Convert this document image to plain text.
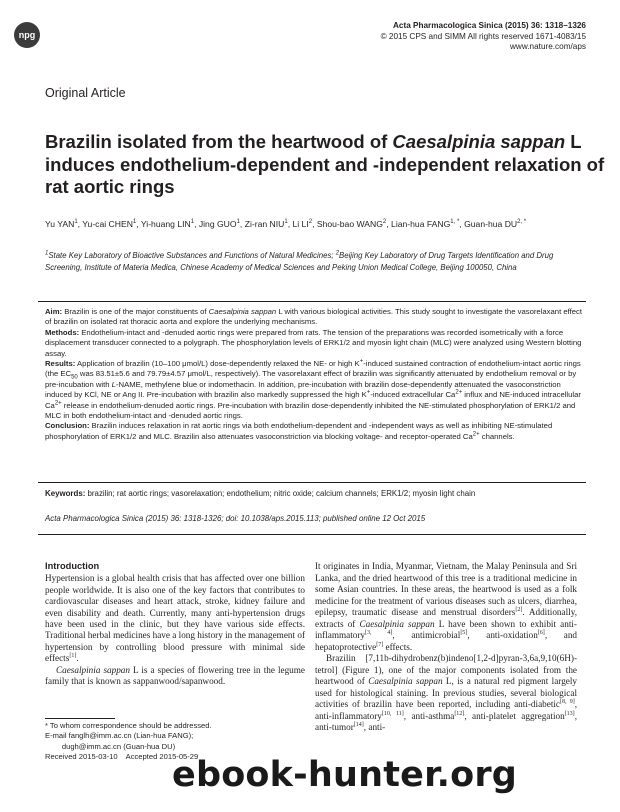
npg
Acta Pharmacologica Sinica (2015) 36: 1318–1326
© 2015 CPS and SIMM All rights reserved 1671-4083/15
www.nature.com/aps
Original Article
Brazilin isolated from the heartwood of Caesalpinia sappan L induces endothelium-dependent and -independent relaxation of rat aortic rings
Yu YAN$^1$, Yu-cai CHEN$^1$, Yi-huang LIN$^1$, Jing GUO$^1$, Zi-ran NIU$^1$, Li $LI^2$, Shou-bao WANG$^2$, Lian-hua $FANG^{1, *}$, Guan-hua $DU^{2, *}$
$^1$State Key Laboratory of Bioactive Substances and Functions of Natural Medicines; $^2$Beijing Key Laboratory of Drug Targets Identification and Drug Screening, Institute of Materia Medica, Chinese Academy of Medical Sciences and Peking Union Medical College, Beijing 100050, China

Aim: Brazilin is one of the major constituents of Caesalpinia sappan L with various biological activities. This study sought to investigate the vasorelaxant effect of brazilin on isolated rat thoracic aorta and explore the underlying mechanisms.

Methods: Endothelium-intact and -denuded aortic rings were prepared from rats. The tension of the preparations was recorded isometrically with a force displacement transducer connected to a polygraph. The phosphorylation levels of ERK1/2 and myosin light chain (MLC) were analyzed using Western blotting assay.

Results: Application of brazilin (10–100 μmol/L) dose-dependently relaxed the NE- or high K+-induced sustained contraction of endothelium-intact aortic rings (the $EC_{50}$ was 83.51±5.6 and 79.79±4.57 μmol/L, respectively). The vasorelaxant effect of brazilin was significantly attenuated by endothelium removal or by pre-incubation with L-NAME, methylene blue or indomethacin. In addition, pre-incubation with brazilin dose-dependently attenuated the vasoconstriction induced by KCl, NE or Ang II. Pre-incubation with brazilin also markedly suppressed the high K+-induced extracellular $Ca^{2+}$ influx and NE-induced intracellular $Ca^{2+}$ release in endothelium-denuded aortic rings. Pre-incubation with brazilin dose-dependently inhibited the NE-stimulated phosphorylation of ERK1/2 and MLC in both endothelium-intact and -denuded aortic rings.

Conclusion: Brazilin induces relaxation in rat aortic rings via both endothelium-dependent and -independent ways as well as inhibiting NE-stimulated phosphorylation of ERK1/2 and MLC. Brazilin also attenuates vasoconstriction via blocking voltage- and receptor-operated $Ca^{2+}$ channels.

Keywords: brazilin; rat aortic rings; vasorelaxation; endothelium; nitric oxide; calcium channels; ERK1/2; myosin light chain
Acta Pharmacologica Sinica (2015) 36: 1318-1326; doi: 10.1038/aps.2015.113; published online 12 Oct 2015
Introduction

Hypertension is a global health crisis that has affected over one billion people worldwide. It is also one of the key factors that contributes to cardiovascular diseases and heart attack, stroke, kidney failure and even disability and death. Currently, many anti-hypertension drugs have been used in the clinic, but they have various side effects. Traditional herbal medicines have a long history in the management of hypertension by controlling blood pressure with minimal side effects[1].

Caesalpinia sappan L is a species of flowering tree in the legume family that is known as sappanwood/sapanwood.

It originates in India, Myanmar, Vietnam, the Malay Peninsula and Sri Lanka, and the dried heartwood of this tree is a traditional medicine in some Asian countries. In these areas, the heartwood is used as a folk medicine for the treatment of various diseases such as ulcers, diarrhea, epilepsy, traumatic disease and menstrual disorders[2]. Additionally, extracts of Caesalpinia sappan L have been shown to exhibit anti-inflammatory[3, 4], antimicrobial[5], anti-oxidation[6], and hepatoprotective[7] effects.

Brazilin [7,11b-dihydrobenz(b)indeno[1,2-d]pyran-3,6a,9,10(6H)-tetrol] (Figure 1), one of the major components isolated from the heartwood of Caesalpinia sappan L, is a natural red pigment largely used for histological staining. In previous studies, several biological activities of brazilin have been reported, including anti-diabetic[8, 9], anti-inflammatory[10, 11], anti-asthma[12], anti-platelet aggregation[13], anti-tumor[14], anti-

* To whom correspondence should be addressed.
E-mail fanglh@imm.ac.cn (Lian-hua FANG);
dugh@imm.ac.cn (Guan-hua DU)
Received 2015-03-10    Accepted 2015-05-29
ebook-hunter.org
